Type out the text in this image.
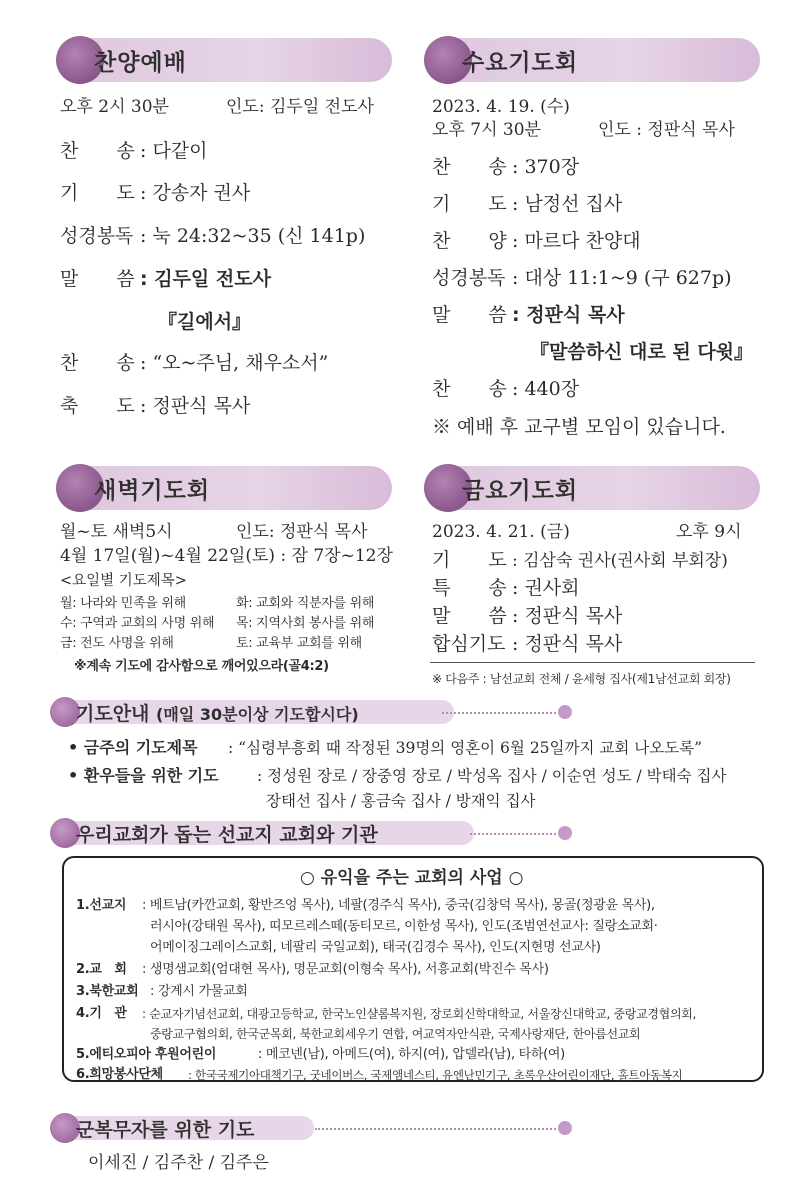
찬양예배
오후 2시 30분	인도: 김두일 전도사
찬　　송 : 다같이
기　　도 : 강송자 권사
성경봉독 : 눅 24:32~35 (신 141p)
말　　씀 : 김두일 전도사
『길에서』
찬　　송 : “오~주님, 채우소서”
축　　도 : 정판식 목사
수요기도회
2023. 4. 19. (수)
오후 7시 30분	인도 : 정판식 목사
찬　　송 : 370장
기　　도 : 남정선 집사
찬　　양 : 마르다 찬양대
성경봉독 : 대상 11:1~9 (구 627p)
말　　씀 : 정판식 목사
『말씀하신 대로 된 다윗』
찬　　송 : 440장
※ 예배 후 교구별 모임이 있습니다.
새벽기도회
월~토 새벽5시	인도: 정판식 목사
4월 17일(월)~4월 22일(토) : 잠 7장~12장
<요일별 기도제목>
월: 나라와 민족을 위해	화: 교회와 직분자를 위해
수: 구역과 교회의 사명 위해 목: 지역사회 봉사를 위해
금: 전도 사명을 위해	토: 교육부 교회를 위해
※계속 기도에 감사함으로 깨어있으라(골4:2)
금요기도회
2023. 4. 21. (금)	오후 9시
기　　도 : 김삼숙 권사(권사회 부회장)
특　　송 : 권사회
말　　씀 : 정판식 목사
합심기도 : 정판식 목사
※ 다음주 : 남선교회 전체 / 윤세형 집사(제1남선교회 회장)
기도안내 (매일 30분이상 기도합시다)
• 금주의 기도제목 : “심령부흥회 때 작정된 39명의 영혼이 6월 25일까지 교회 나오도록”
• 환우들을 위한 기도 : 정성원 장로 / 장중영 장로 / 박성옥 집사 / 이순연 성도 / 박태숙 집사
장태선 집사 / 홍금숙 집사 / 방재익 집사
우리교회가 돕는 선교지 교회와 기관
○ 유익을 주는 교회의 사업 ○
1.선교지 : 베트남(카깐교회, 황반즈엉 목사), 네팔(경주식 목사), 중국(김창덕 목사), 몽골(정광윤 목사),
러시아(강태원 목사), 띠모르레스떼(동티모르, 이한성 목사), 인도(조범연선교사: 질랑소교회·
어메이징그레이스교회, 네팔리 국일교회), 태국(김경수 목사), 인도(지현명 선교사)
2.교　회 : 생명샘교회(엄대현 목사), 명문교회(이형숙 목사), 서흥교회(박진수 목사)
3.북한교회 : 강계시 가물교회
4.기　관 : 순교자기념선교회, 대광고등학교, 한국노인샬롬복지원, 장로회신학대학교, 서울장신대학교, 중랑교경협의회,
중랑교구협의회, 한국군목회, 북한교회세우기 연합, 여교역자안식관, 국제사랑재단, 한아름선교회
5.에티오피아 후원어린이	: 메코넨(남), 아메드(여), 하지(여), 압델라(남), 타하(여)
6.희망봉사단체 : 한국국제기아대책기구, 굿네이버스, 국제앰네스티, 유엔난민기구, 초록우산어린이재단, 홀트아동복지
군복무자를 위한 기도
이세진 / 김주찬 / 김주은
